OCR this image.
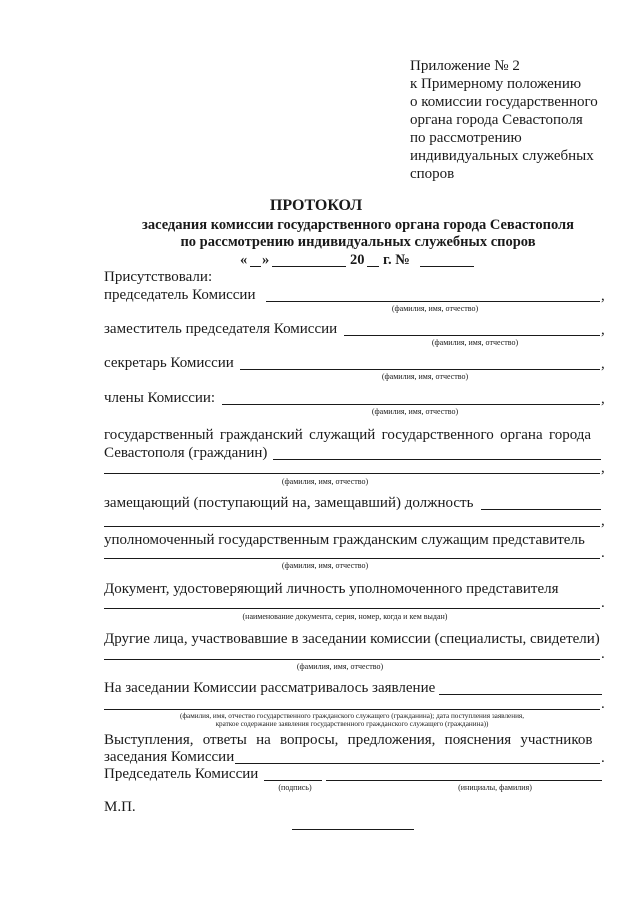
Приложение № 2
к Примерному положению
о комиссии государственного
органа города Севастополя
по рассмотрению
индивидуальных служебных
споров
ПРОТОКОЛ
заседания комиссии государственного органа города Севастополя
по рассмотрению индивидуальных служебных споров
« »	20 г. №
Присутствовали:
председатель Комиссии	,
(фамилия, имя, отчество)
заместитель председателя Комиссии	,
(фамилия, имя, отчество)
секретарь Комиссии	,
(фамилия, имя, отчество)
члены Комиссии:	,
(фамилия, имя, отчество)
государственный гражданский служащий государственного органа города
Севастополя (гражданин)
,
(фамилия, имя, отчество)
замещающий (поступающий на, замещавший) должность
,
уполномоченный государственным гражданским служащим представитель
.
(фамилия, имя, отчество)
Документ, удостоверяющий личность уполномоченного представителя
.
(наименование документа, серия, номер, когда и кем выдан)
Другие лица, участвовавшие в заседании комиссии (специалисты, свидетели)
.
(фамилия, имя, отчество)
На заседании Комиссии рассматривалось заявление
.
(фамилия, имя, отчество государственного гражданского служащего (гражданина); дата поступления заявления,
краткое содержание заявления государственного гражданского служащего (гражданина))
Выступления, ответы на вопросы, предложения, пояснения участников
заседания Комиссии	.
Председатель Комиссии
(подпись)	(инициалы, фамилия)
М.П.
